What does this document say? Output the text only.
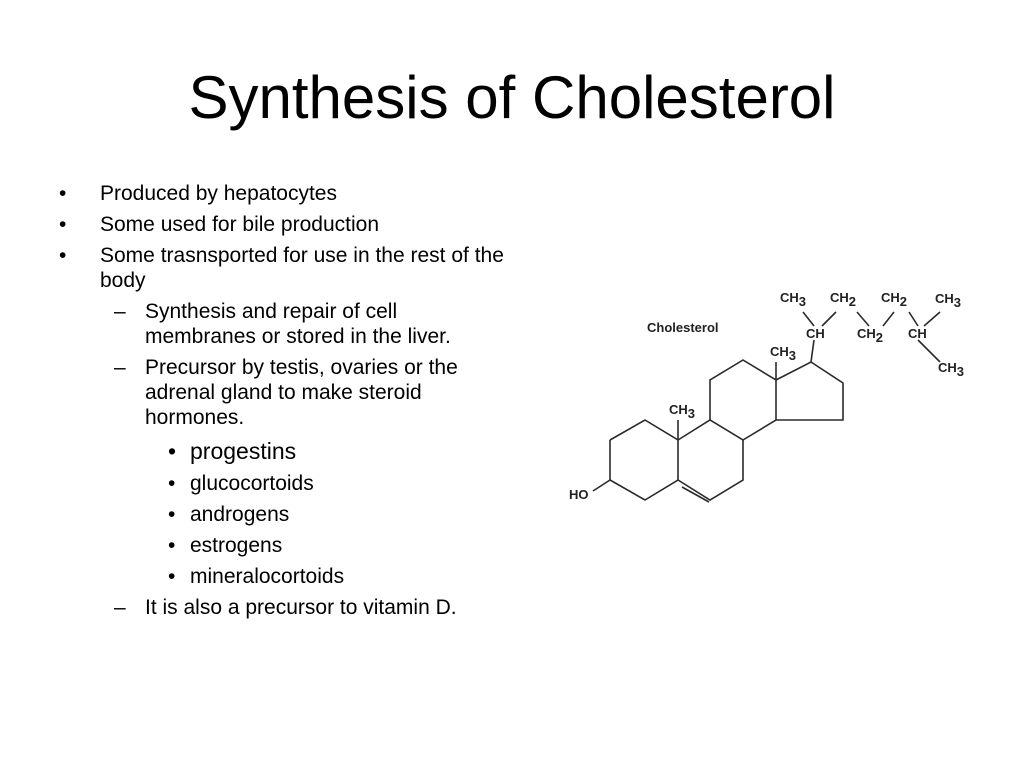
Synthesis of Cholesterol
• Produced by hepatocytes
• Some used for bile production
• Some trasnsported for use in the rest of the body
– Synthesis and repair of cell membranes or stored in the liver.
– Precursor by testis, ovaries or the adrenal gland to make steroid hormones.
• progestins
• glucocortoids
• androgens
• estrogens
• mineralocortoids
– It is also a precursor to vitamin D.
Cholesterol
HO
CH3
CH3
CH3 CH2 CH2 CH3
CH CH2 CH
CH3
